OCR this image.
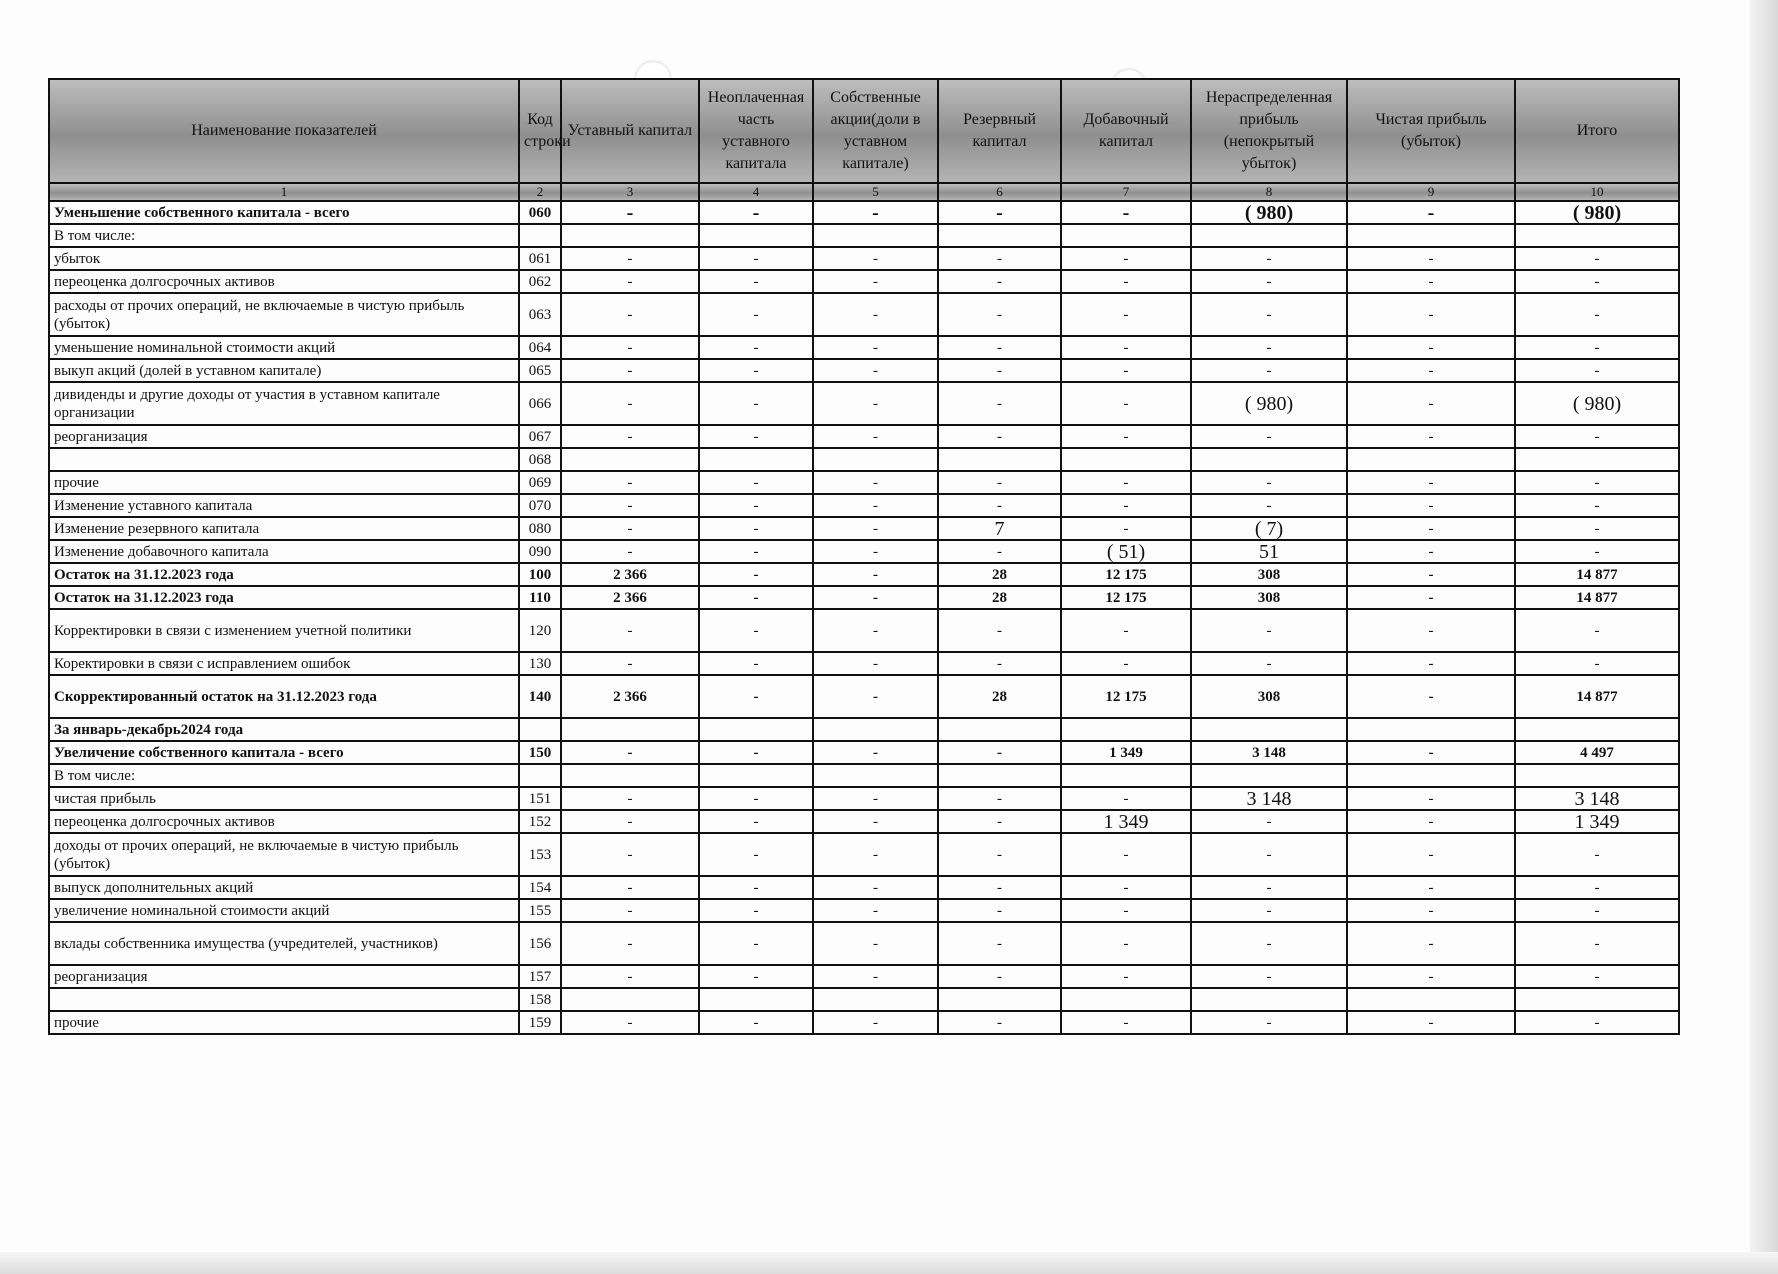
Наименование показателей	Код строки	Уставный капитал	Неоплаченная часть уставного капитала	Собственные акции(доли в уставном капитале)	Резервный капитал	Добавочный капитал	Нераспределенная прибыль (непокрытый убыток)	Чистая прибыль (убыток)	Итого
1	2	3	4	5	6	7	8	9	10
Уменьшение собственного капитала - всего	060	-	-	-	-	-	( 980)	-	( 980)
В том числе:									
убыток	061	-	-	-	-	-	-	-	-
переоценка долгосрочных активов	062	-	-	-	-	-	-	-	-
расходы от прочих операций, не включаемые в чистую прибыль (убыток)	063	-	-	-	-	-	-	-	-
уменьшение номинальной стоимости акций	064	-	-	-	-	-	-	-	-
выкуп акций (долей в уставном капитале)	065	-	-	-	-	-	-	-	-
дивиденды и другие доходы от участия в уставном капитале организации	066	-	-	-	-	-	( 980)	-	( 980)
реорганизация	067	-	-	-	-	-	-	-	-
	068								
прочие	069	-	-	-	-	-	-	-	-
Изменение уставного капитала	070	-	-	-	-	-	-	-	-
Изменение резервного капитала	080	-	-	-	7	-	( 7)	-	-
Изменение добавочного капитала	090	-	-	-	-	( 51)	51	-	-
Остаток на 31.12.2023 года	100	2 366	-	-	28	12 175	308	-	14 877
Остаток на 31.12.2023 года	110	2 366	-	-	28	12 175	308	-	14 877
Корректировки в связи с изменением учетной политики	120	-	-	-	-	-	-	-	-
Коректировки в связи с исправлением ошибок	130	-	-	-	-	-	-	-	-
Скорректированный остаток на 31.12.2023 года	140	2 366	-	-	28	12 175	308	-	14 877
За январь-декабрь2024 года									
Увеличение собственного капитала - всего	150	-	-	-	-	1 349	3 148	-	4 497
В том числе:									
чистая прибыль	151	-	-	-	-	-	3 148	-	3 148
переоценка долгосрочных активов	152	-	-	-	-	1 349	-	-	1 349
доходы от прочих операций, не включаемые в чистую прибыль (убыток)	153	-	-	-	-	-	-	-	-
выпуск дополнительных акций	154	-	-	-	-	-	-	-	-
увеличение номинальной стоимости акций	155	-	-	-	-	-	-	-	-
вклады собственника имущества (учредителей, участников)	156	-	-	-	-	-	-	-	-
реорганизация	157	-	-	-	-	-	-	-	-
	158								
прочие	159	-	-	-	-	-	-	-	-
